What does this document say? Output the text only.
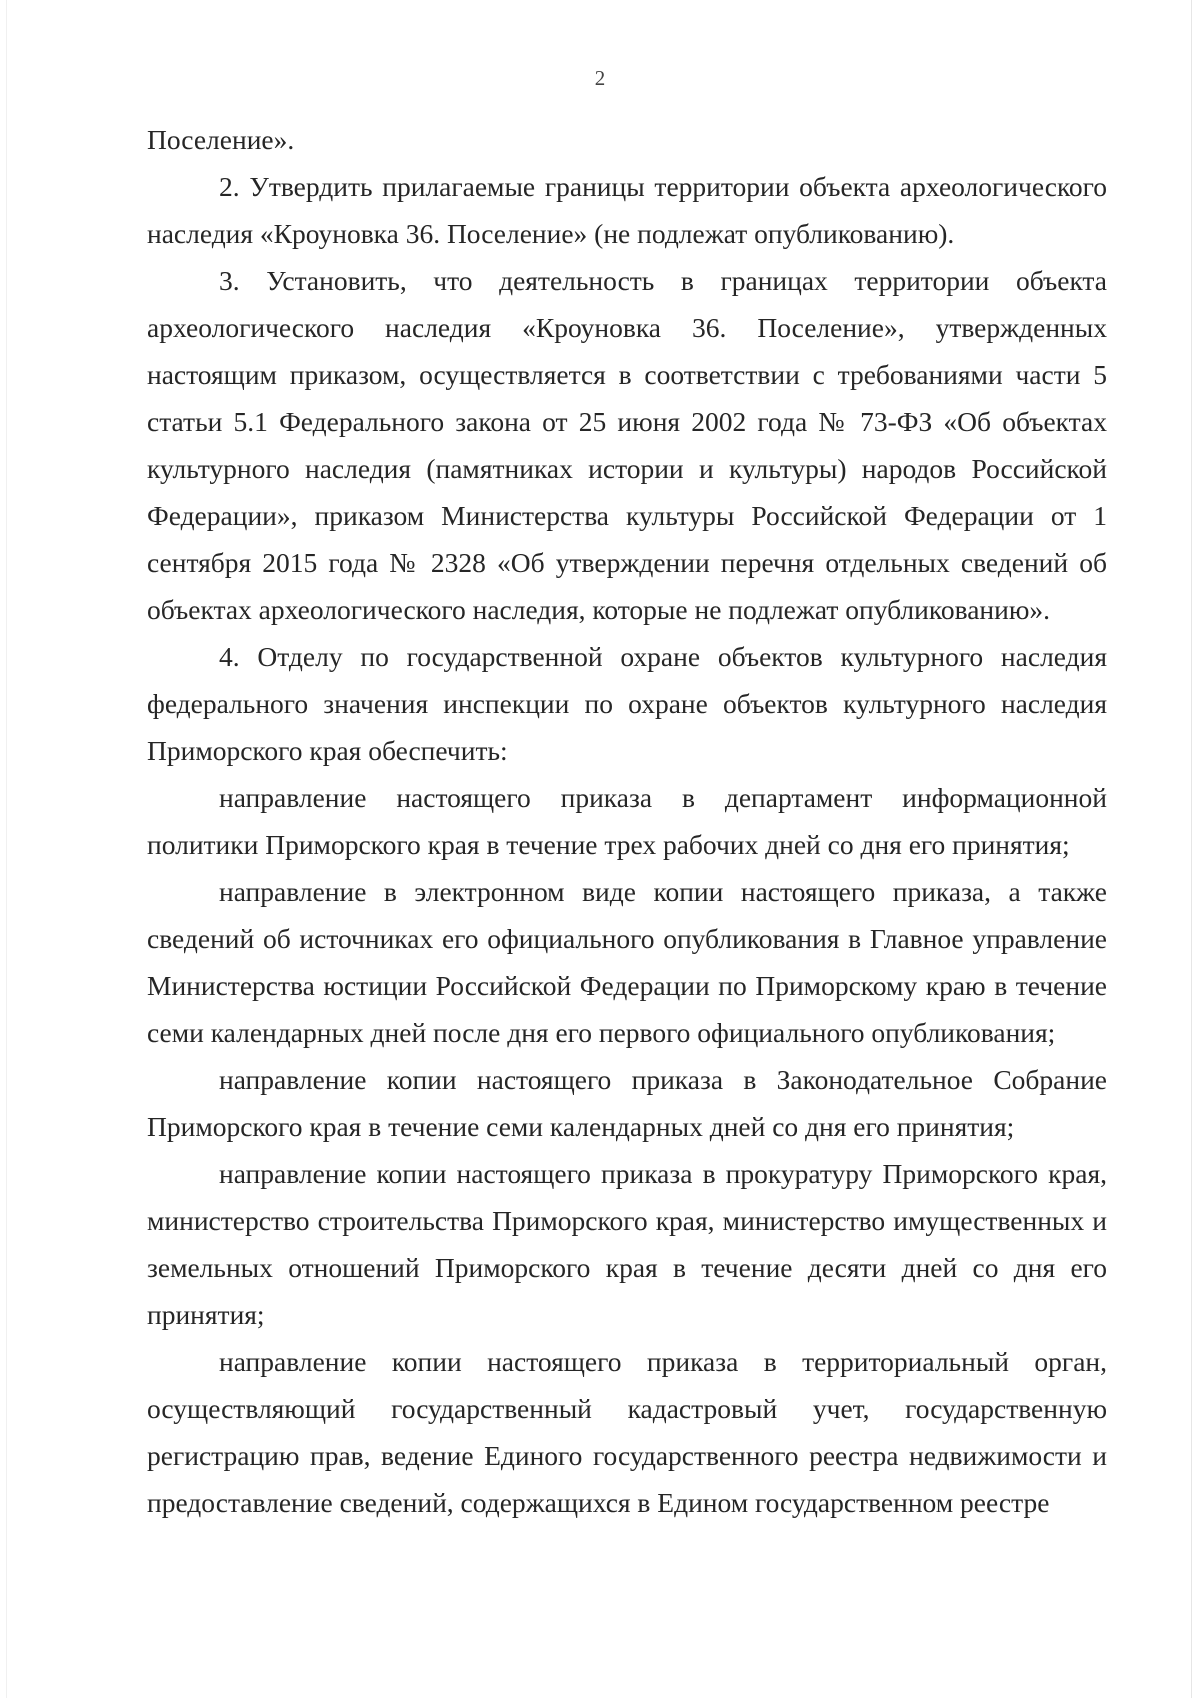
2

Поселение».

2. Утвердить прилагаемые границы территории объекта археологического наследия «Кроуновка 36. Поселение» (не подлежат опубликованию).

3. Установить, что деятельность в границах территории объекта археологического наследия «Кроуновка 36. Поселение», утвержденных настоящим приказом, осуществляется в соответствии с требованиями части 5 статьи 5.1 Федерального закона от 25 июня 2002 года № 73-ФЗ «Об объектах культурного наследия (памятниках истории и культуры) народов Российской Федерации», приказом Министерства культуры Российской Федерации от 1 сентября 2015 года № 2328 «Об утверждении перечня отдельных сведений об объектах археологического наследия, которые не подлежат опубликованию».

4. Отделу по государственной охране объектов культурного наследия федерального значения инспекции по охране объектов культурного наследия Приморского края обеспечить:

направление настоящего приказа в департамент информационной политики Приморского края в течение трех рабочих дней со дня его принятия;

направление в электронном виде копии настоящего приказа, а также сведений об источниках его официального опубликования в Главное управление Министерства юстиции Российской Федерации по Приморскому краю в течение семи календарных дней после дня его первого официального опубликования;

направление копии настоящего приказа в Законодательное Собрание Приморского края в течение семи календарных дней со дня его принятия;

направление копии настоящего приказа в прокуратуру Приморского края, министерство строительства Приморского края, министерство имущественных и земельных отношений Приморского края в течение десяти дней со дня его принятия;

направление копии настоящего приказа в территориальный орган, осуществляющий государственный кадастровый учет, государственную регистрацию прав, ведение Единого государственного реестра недвижимости и предоставление сведений, содержащихся в Едином государственном реестре
